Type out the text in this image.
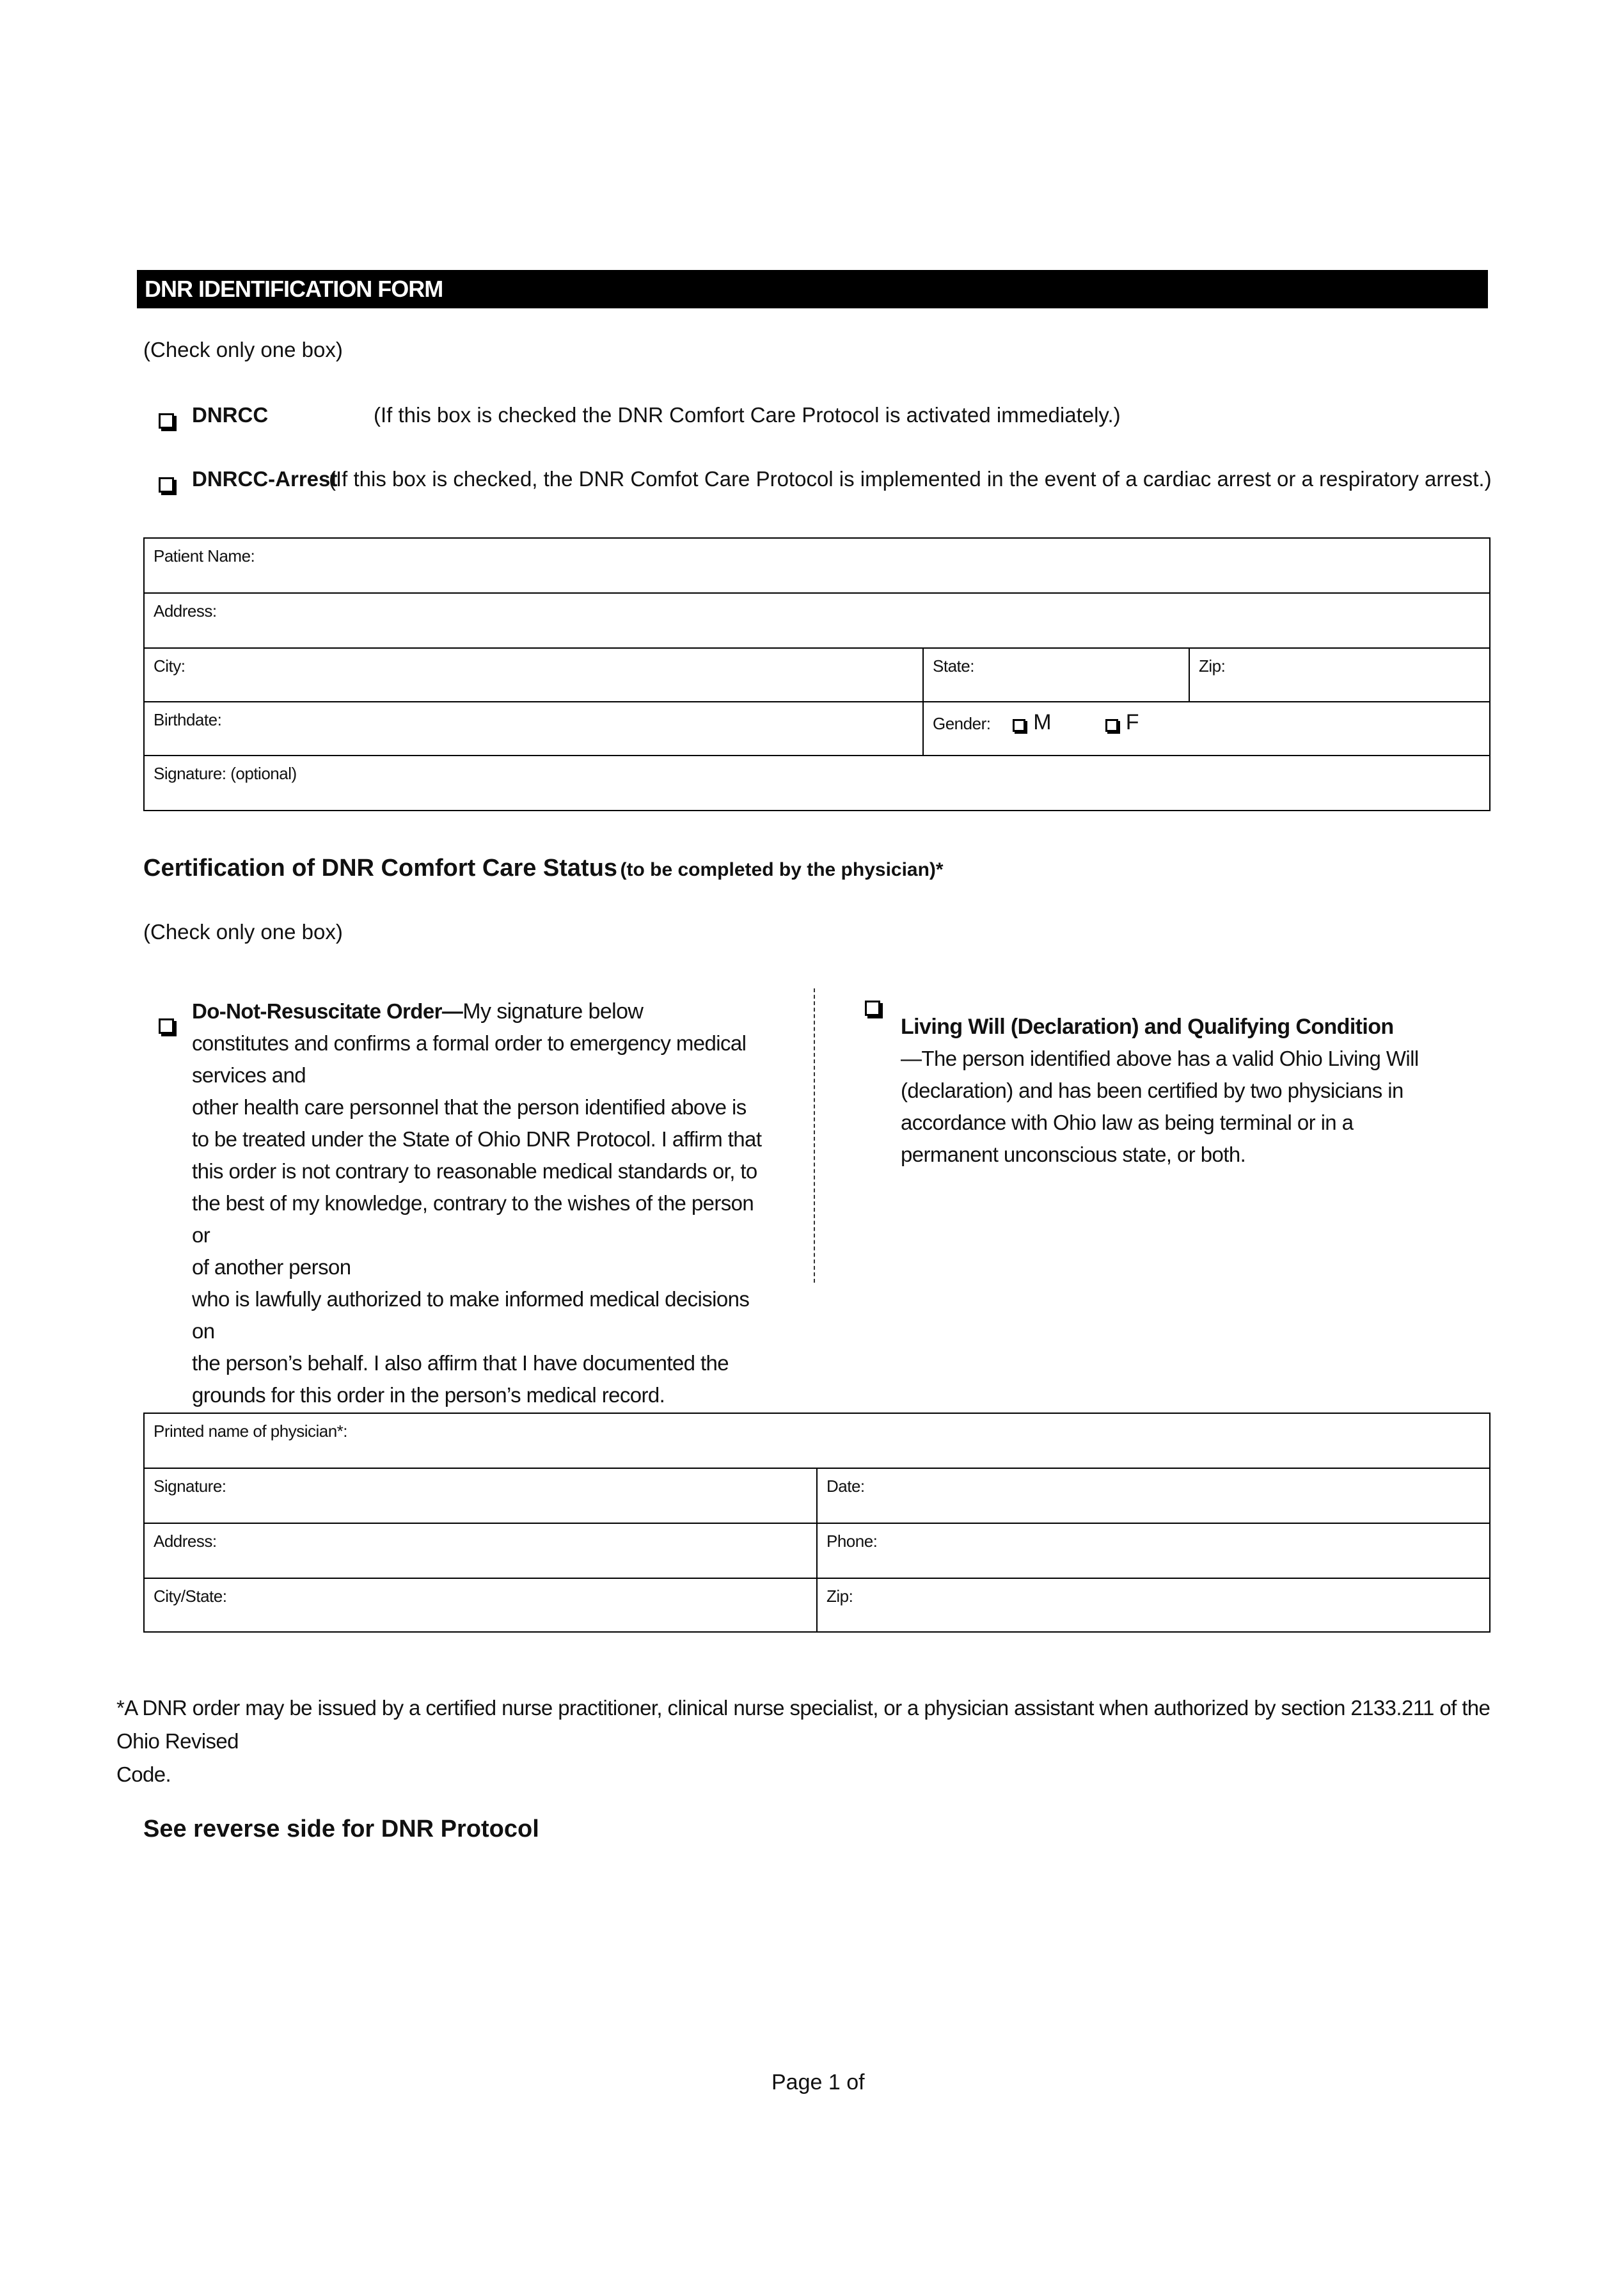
DNR IDENTIFICATION FORM
(Check only one box)
DNRCC	(If this box is checked the DNR Comfort Care Protocol is activated immediately.)
DNRCC-Arrest
(If this box is checked, the DNR Comfot Care Protocol is implemented in the event of a cardiac arrest or a respiratory arrest.)
Patient Name:		
Address:		
City:	State:	Zip:
Birthdate:	Gender: M F	
Signature: (optional)		
Certification of DNR Comfort Care Status (to be completed by the physician)*
(Check only one box)
Do-Not-Resuscitate Order—My signature below
constitutes and confirms a formal order to emergency medical
services and
other health care personnel that the person identified above is
to be treated under the State of Ohio DNR Protocol. I affirm that
this order is not contrary to reasonable medical standards or, to
the best of my knowledge, contrary to the wishes of the person or
of another person
who is lawfully authorized to make informed medical decisions on
the person’s behalf. I also affirm that I have documented the
grounds for this order in the person’s medical record.
Living Will (Declaration) and Qualifying Condition
—The person identified above has a valid Ohio Living Will
(declaration) and has been certified by two physicians in
accordance with Ohio law as being terminal or in a
permanent unconscious state, or both.
Printed name of physician*:	
Signature:	Date:
Address:	Phone:
City/State:	Zip:
*A DNR order may be issued by a certified nurse practitioner, clinical nurse specialist, or a physician assistant when authorized by section 2133.211 of the Ohio Revised
Code.
See reverse side for DNR Protocol
Page 1 of
